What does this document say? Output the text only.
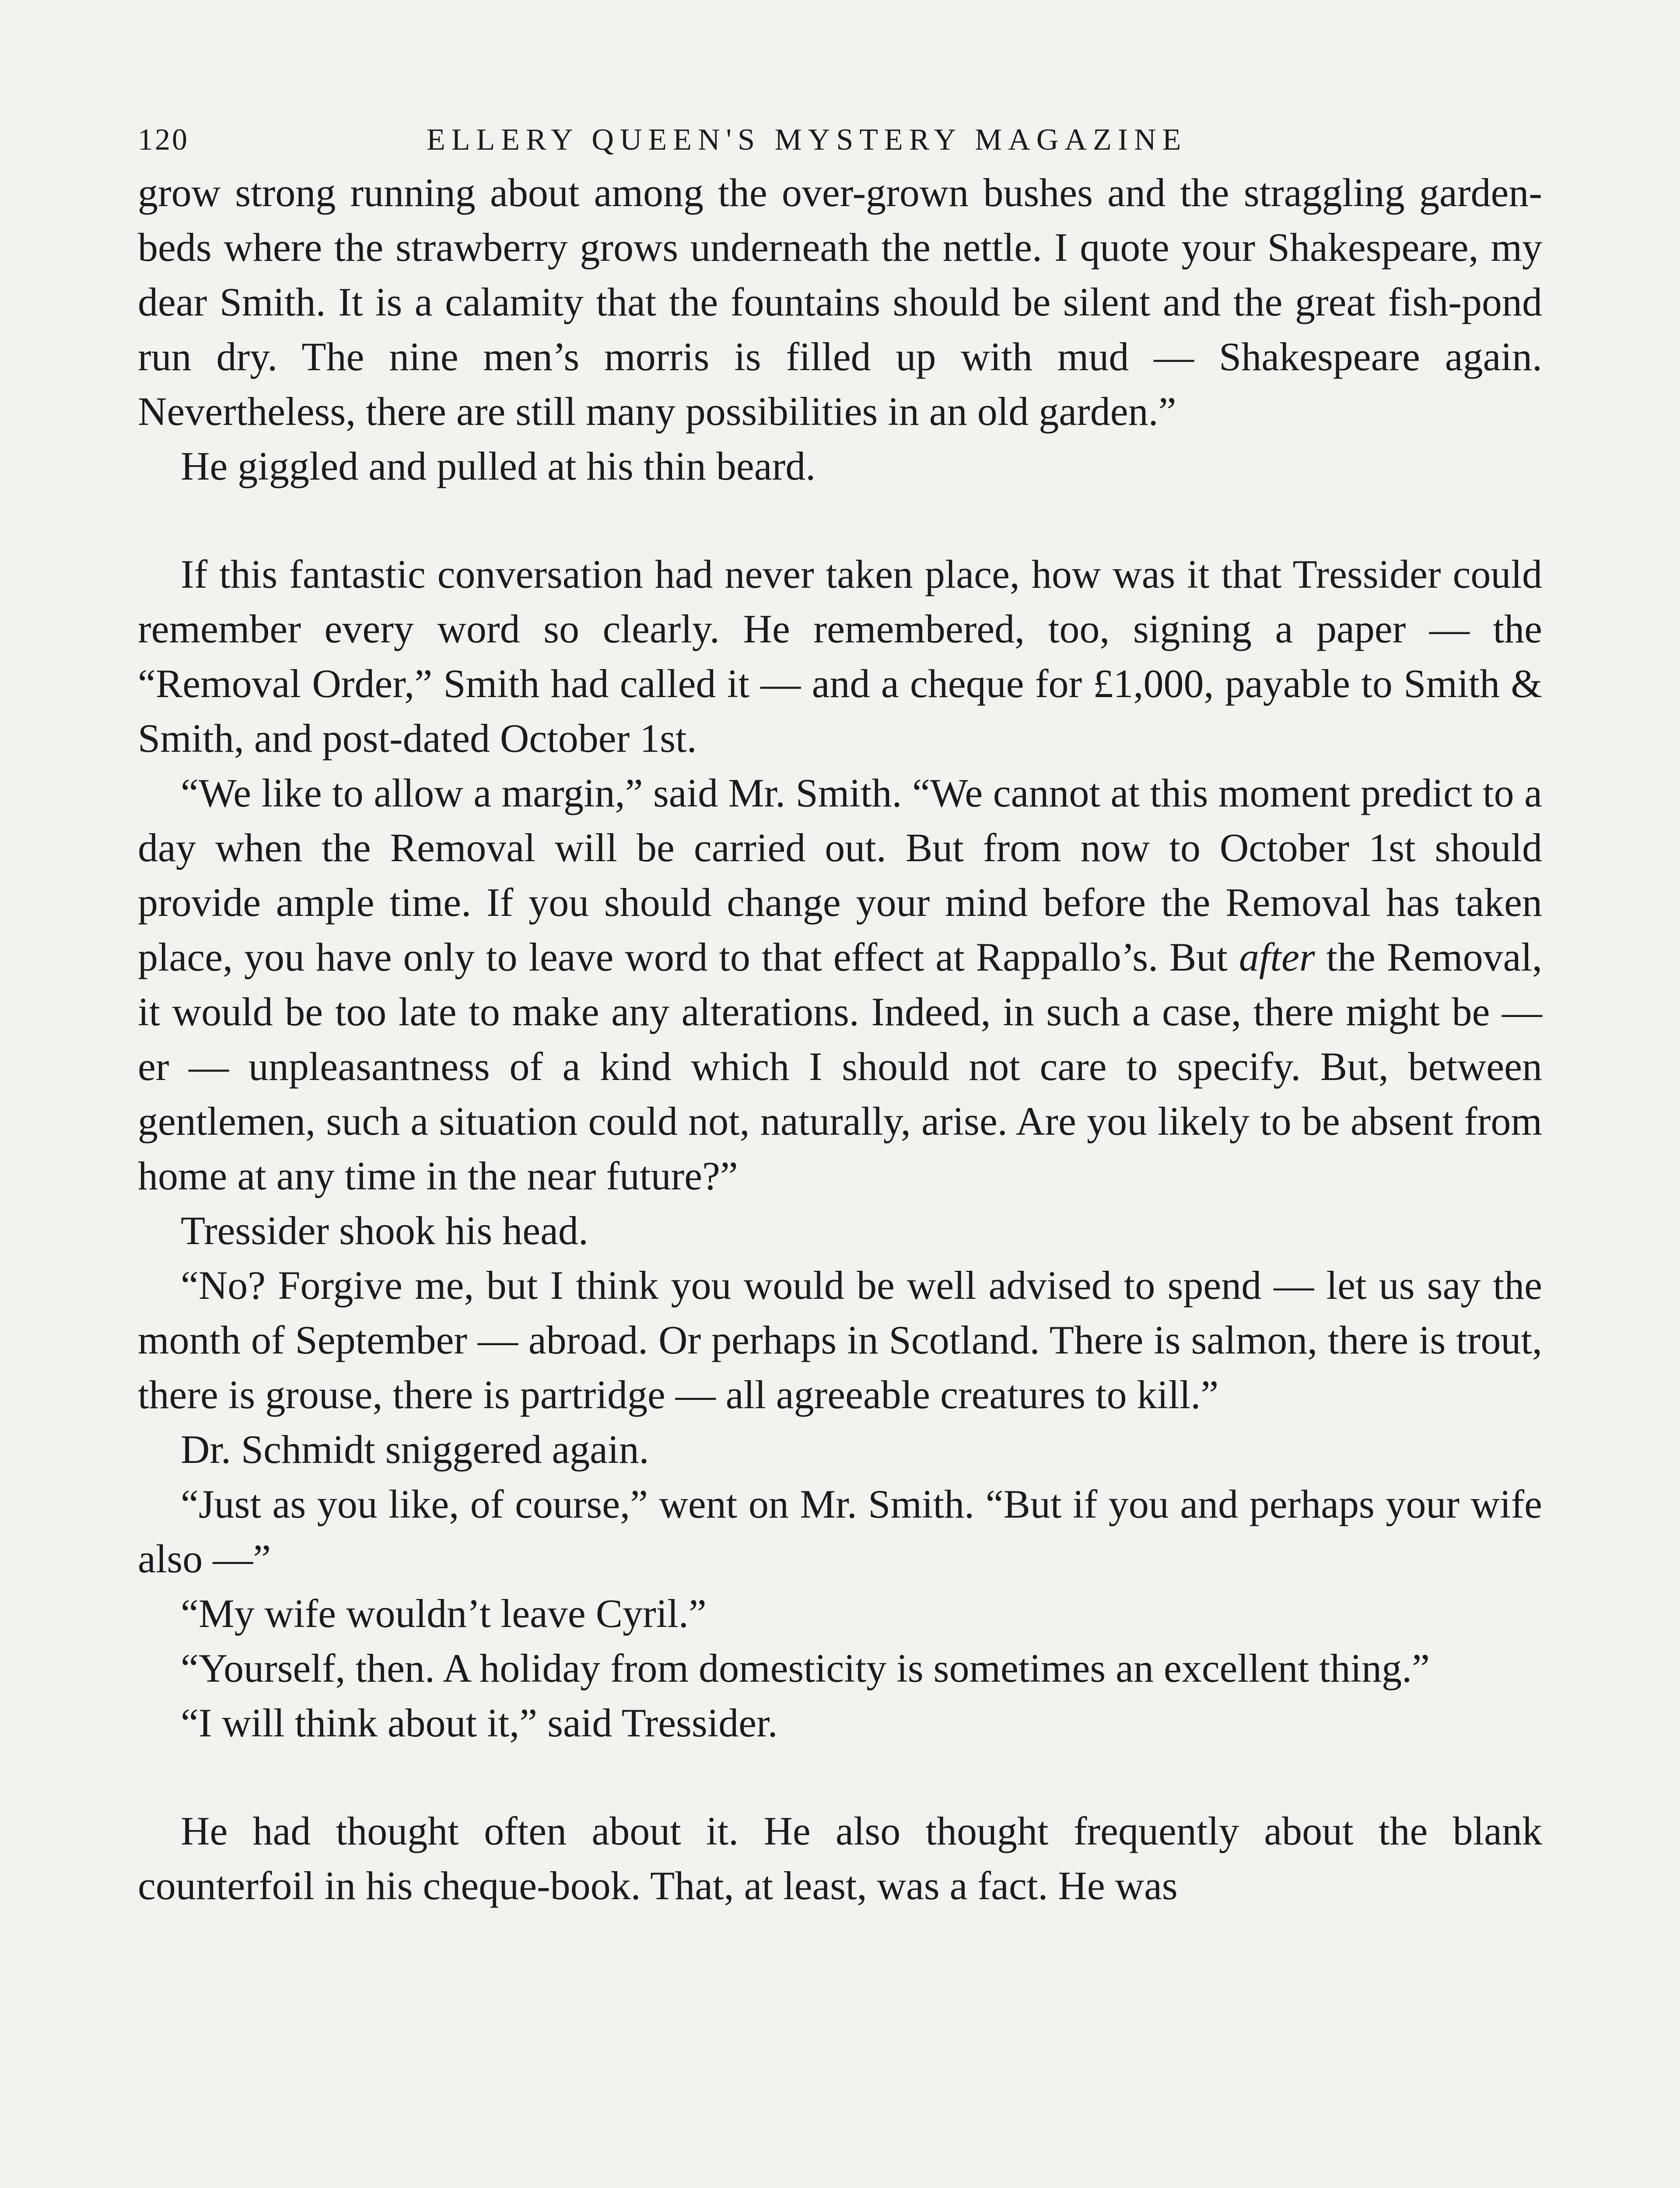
120	ELLERY QUEEN'S MYSTERY MAGAZINE

grow strong running about among the over-grown bushes and the straggling garden-beds where the strawberry grows underneath the nettle. I quote your Shakespeare, my dear Smith. It is a calamity that the fountains should be silent and the great fish-pond run dry. The nine men’s morris is filled up with mud — Shakespeare again. Nevertheless, there are still many possibilities in an old garden.”

He giggled and pulled at his thin beard.

If this fantastic conversation had never taken place, how was it that Tressider could remember every word so clearly. He remembered, too, signing a paper — the “Removal Order,” Smith had called it — and a cheque for £1,000, payable to Smith & Smith, and post-dated October 1st.

“We like to allow a margin,” said Mr. Smith. “We cannot at this moment predict to a day when the Removal will be carried out. But from now to October 1st should provide ample time. If you should change your mind before the Removal has taken place, you have only to leave word to that effect at Rappallo’s. But after the Removal, it would be too late to make any alterations. Indeed, in such a case, there might be — er — unpleasantness of a kind which I should not care to specify. But, between gentlemen, such a situation could not, naturally, arise. Are you likely to be absent from home at any time in the near future?”

Tressider shook his head.

“No? Forgive me, but I think you would be well advised to spend — let us say the month of September — abroad. Or perhaps in Scotland. There is salmon, there is trout, there is grouse, there is partridge — all agreeable creatures to kill.”

Dr. Schmidt sniggered again.

“Just as you like, of course,” went on Mr. Smith. “But if you and perhaps your wife also —”

“My wife wouldn’t leave Cyril.”

“Yourself, then. A holiday from domesticity is sometimes an excellent thing.”

“I will think about it,” said Tressider.

He had thought often about it. He also thought frequently about the blank counterfoil in his cheque-book. That, at least, was a fact. He was
